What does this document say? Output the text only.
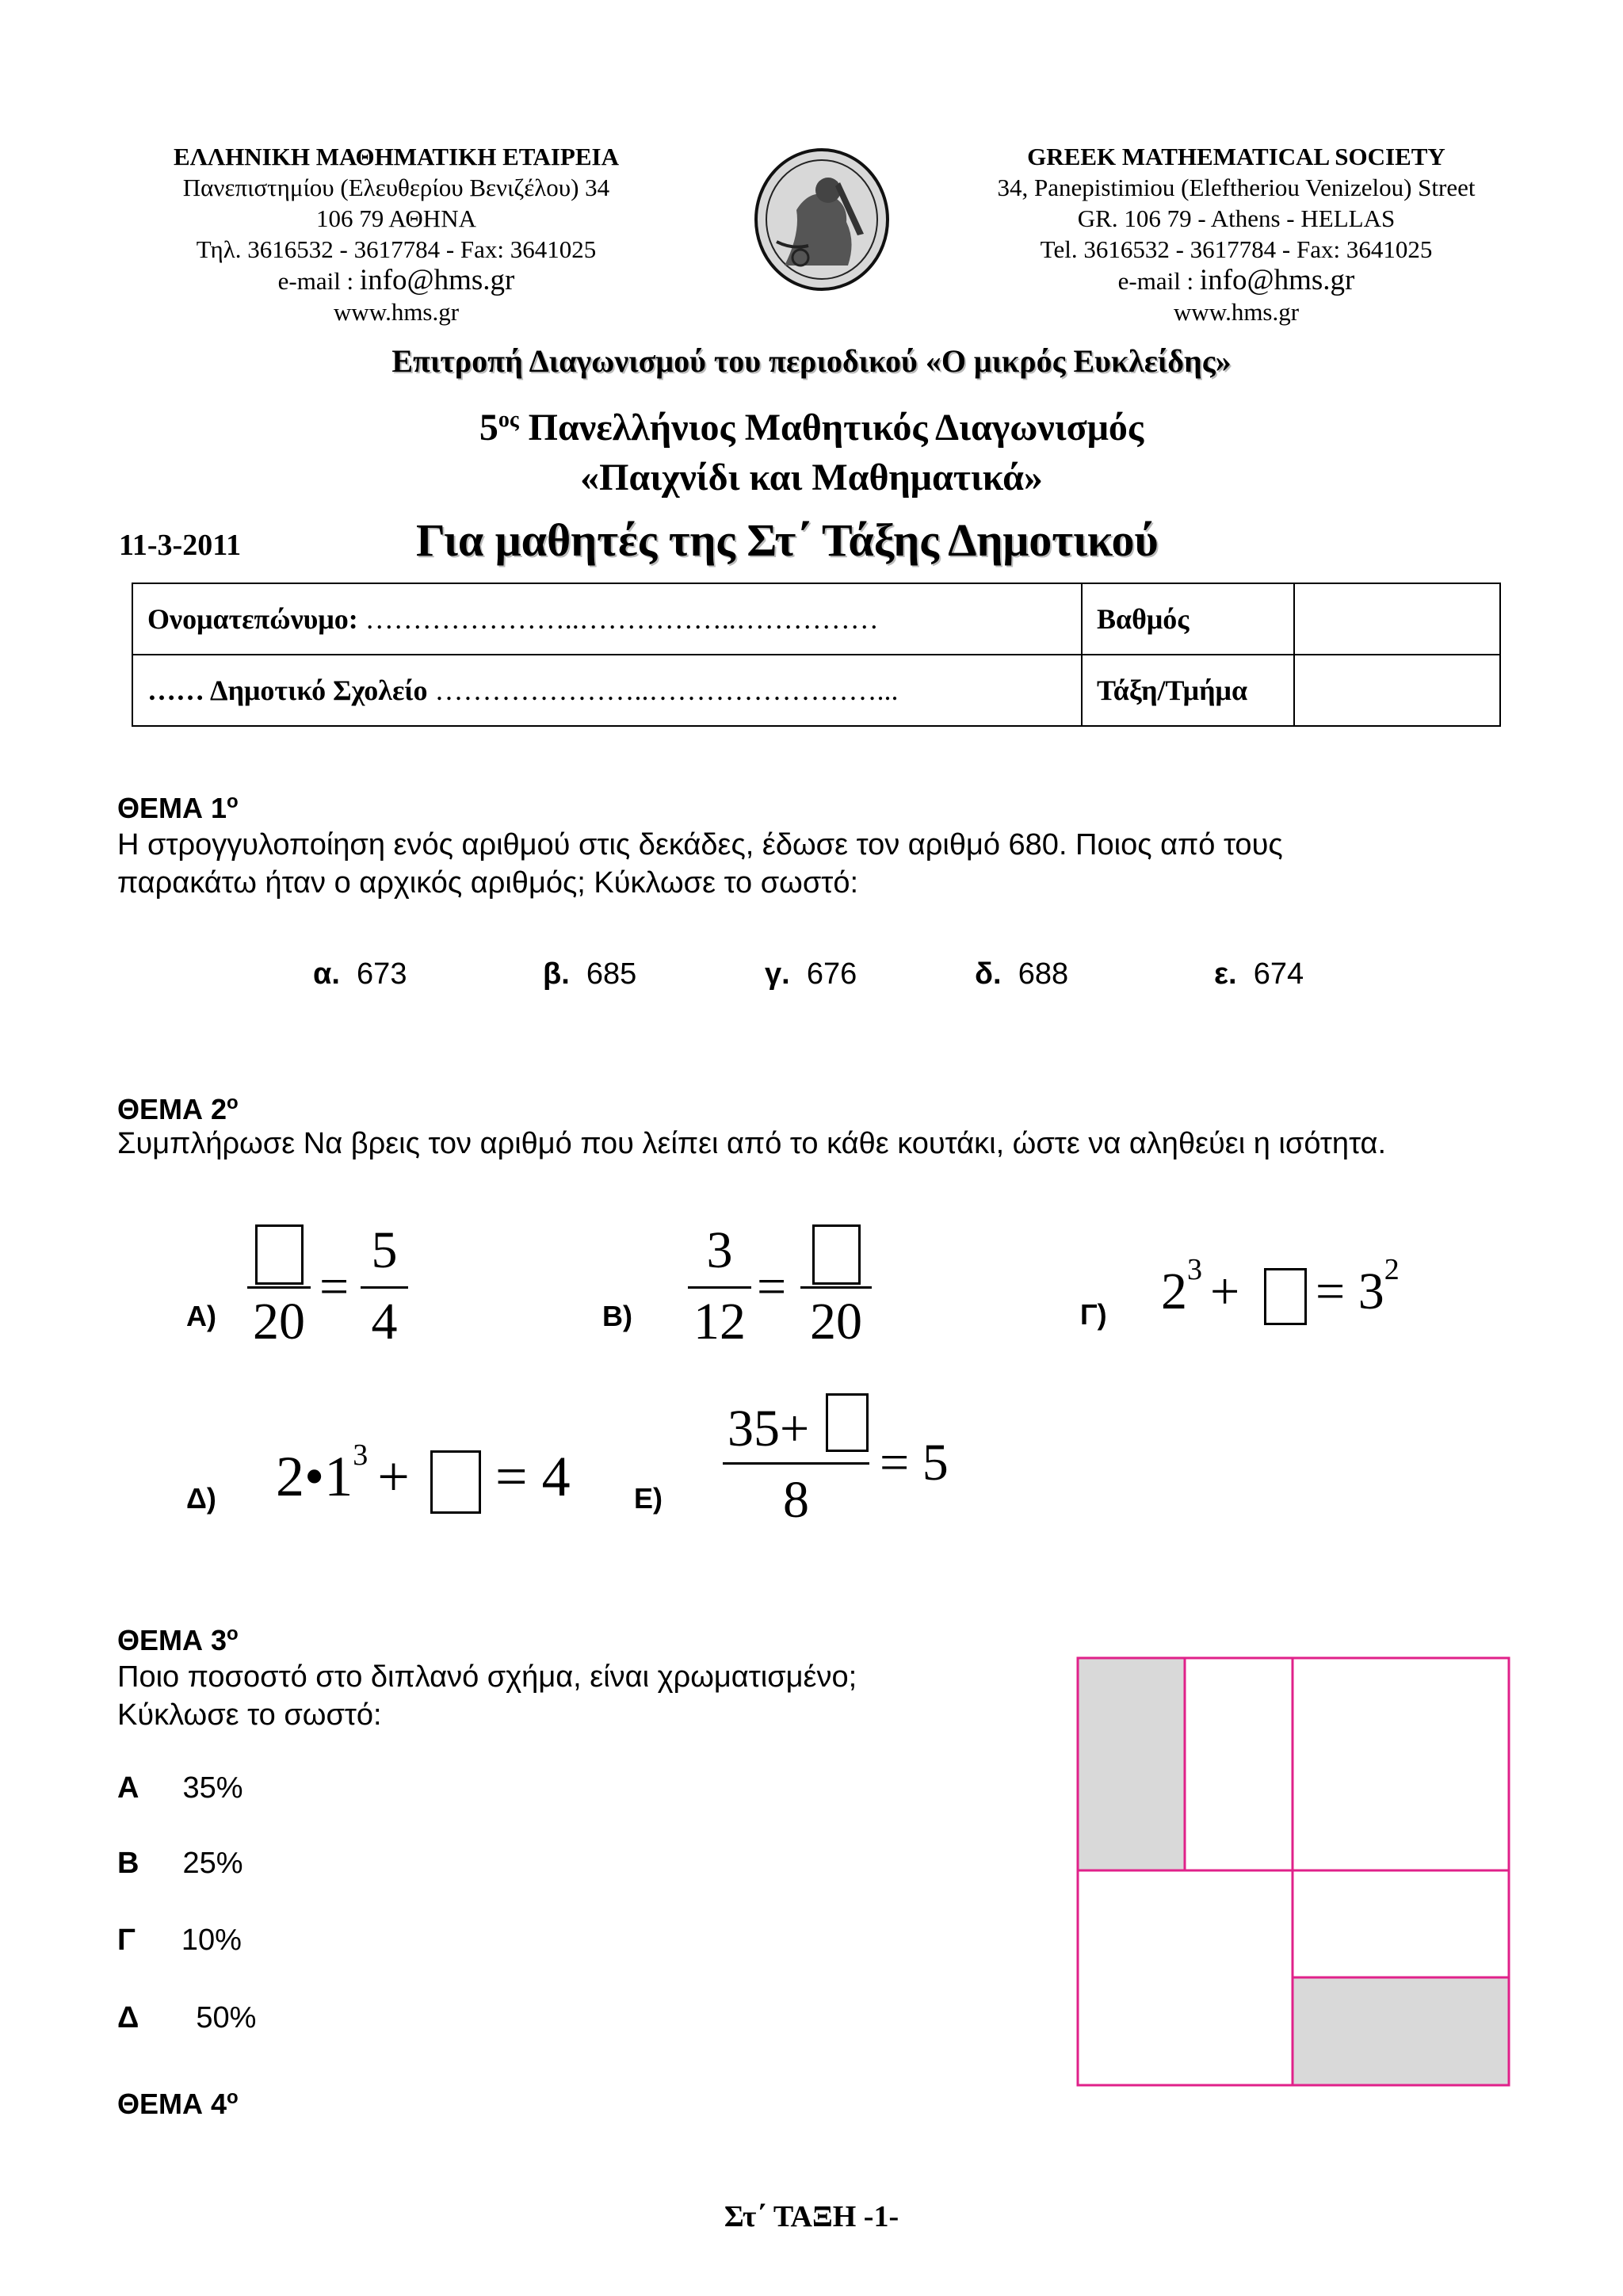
ΕΛΛΗΝΙΚΗ ΜΑΘΗΜΑΤΙΚΗ ΕΤΑΙΡΕΙΑ
Πανεπιστημίου (Ελευθερίου Βενιζέλου) 34
106 79 ΑΘΗΝΑ
Τηλ. 3616532 - 3617784 - Fax: 3641025
e-mail : info@hms.gr
www.hms.gr
GREEK MATHEMATICAL SOCIETY
34, Panepistimiou (Eleftheriou Venizelou) Street
GR. 106 79 - Athens - HELLAS
Tel. 3616532 - 3617784 - Fax: 3641025
e-mail : info@hms.gr
www.hms.gr
Επιτροπή Διαγωνισμού του περιοδικού «Ο μικρός Ευκλείδης»
$5^{o\varsigma}$ Πανελλήνιος Μαθητικός Διαγωνισμός
«Παιχνίδι και Μαθηματικά»
11-3-2011	Για μαθητές της Στ΄ Τάξης Δημοτικού
Ονοματεπώνυμο: …………………..……………..……………	Βαθμός	
…… Δημοτικό Σχολείο …………………..……………………...	Τάξη/Τμήμα	
ΘΕΜΑ $1^o$
Η στρογγυλοποίηση ενός αριθμού στις δεκάδες, έδωσε τον αριθμό 680. Ποιος από τους
παρακάτω ήταν ο αρχικός αριθμός; Κύκλωσε το σωστό:
α. 673	β. 685	γ. 676	δ. 688	ε. 674
ΘΕΜΑ $2^o$
Συμπλήρωσε Να βρεις τον αριθμό που λείπει από το κάθε κουτάκι, ώστε να αληθεύει η ισότητα.
Α) 20
=
5
4	Β)
3
12
=
20	Γ) $2^3$ + = $3^2$
Δ) $2•1^3$ + = 4 Ε)
35+
8
= 5
ΘΕΜΑ $3^o$
Ποιο ποσοστό στο διπλανό σχήμα, είναι χρωματισμένο;
Κύκλωσε το σωστό:
Α 35%
Β 25%
Γ 10%
Δ 50%
ΘΕΜΑ $4^o$
Στ΄ ΤΑΞΗ -1-
